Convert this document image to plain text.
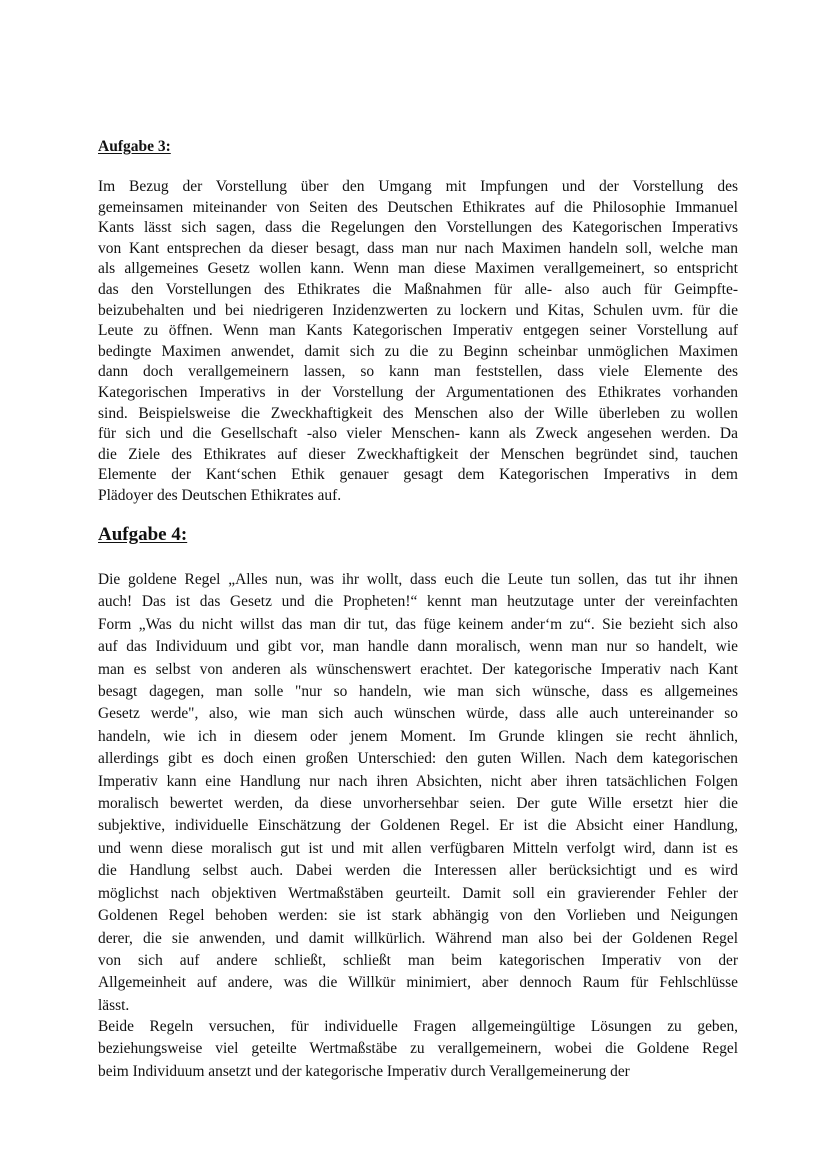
Aufgabe 3:
Im Bezug der Vorstellung über den Umgang mit Impfungen und der Vorstellung des
gemeinsamen miteinander von Seiten des Deutschen Ethikrates auf die Philosophie Immanuel
Kants lässt sich sagen, dass die Regelungen den Vorstellungen des Kategorischen Imperativs
von Kant entsprechen da dieser besagt, dass man nur nach Maximen handeln soll, welche man
als allgemeines Gesetz wollen kann. Wenn man diese Maximen verallgemeinert, so entspricht
das den Vorstellungen des Ethikrates die Maßnahmen für alle- also auch für Geimpfte-
beizubehalten und bei niedrigeren Inzidenzwerten zu lockern und Kitas, Schulen uvm. für die
Leute zu öffnen. Wenn man Kants Kategorischen Imperativ entgegen seiner Vorstellung auf
bedingte Maximen anwendet, damit sich zu die zu Beginn scheinbar unmöglichen Maximen
dann doch verallgemeinern lassen, so kann man feststellen, dass viele Elemente des
Kategorischen Imperativs in der Vorstellung der Argumentationen des Ethikrates vorhanden
sind. Beispielsweise die Zweckhaftigkeit des Menschen also der Wille überleben zu wollen
für sich und die Gesellschaft -also vieler Menschen- kann als Zweck angesehen werden. Da
die Ziele des Ethikrates auf dieser Zweckhaftigkeit der Menschen begründet sind, tauchen
Elemente der Kant‘schen Ethik genauer gesagt dem Kategorischen Imperativs in dem
Plädoyer des Deutschen Ethikrates auf.
Aufgabe 4:
Die goldene Regel „Alles nun, was ihr wollt, dass euch die Leute tun sollen, das tut ihr ihnen
auch! Das ist das Gesetz und die Propheten!“ kennt man heutzutage unter der vereinfachten
Form „Was du nicht willst das man dir tut, das füge keinem ander‘m zu“. Sie bezieht sich also
auf das Individuum und gibt vor, man handle dann moralisch, wenn man nur so handelt, wie
man es selbst von anderen als wünschenswert erachtet. Der kategorische Imperativ nach Kant
besagt dagegen, man solle "nur so handeln, wie man sich wünsche, dass es allgemeines
Gesetz werde", also, wie man sich auch wünschen würde, dass alle auch untereinander so
handeln, wie ich in diesem oder jenem Moment. Im Grunde klingen sie recht ähnlich,
allerdings gibt es doch einen großen Unterschied: den guten Willen. Nach dem kategorischen
Imperativ kann eine Handlung nur nach ihren Absichten, nicht aber ihren tatsächlichen Folgen
moralisch bewertet werden, da diese unvorhersehbar seien. Der gute Wille ersetzt hier die
subjektive, individuelle Einschätzung der Goldenen Regel. Er ist die Absicht einer Handlung,
und wenn diese moralisch gut ist und mit allen verfügbaren Mitteln verfolgt wird, dann ist es
die Handlung selbst auch. Dabei werden die Interessen aller berücksichtigt und es wird
möglichst nach objektiven Wertmaßstäben geurteilt. Damit soll ein gravierender Fehler der
Goldenen Regel behoben werden: sie ist stark abhängig von den Vorlieben und Neigungen
derer, die sie anwenden, und damit willkürlich. Während man also bei der Goldenen Regel
von sich auf andere schließt, schließt man beim kategorischen Imperativ von der
Allgemeinheit auf andere, was die Willkür minimiert, aber dennoch Raum für Fehlschlüsse
lässt.
Beide Regeln versuchen, für individuelle Fragen allgemeingültige Lösungen zu geben,
beziehungsweise viel geteilte Wertmaßstäbe zu verallgemeinern, wobei die Goldene Regel
beim Individuum ansetzt und der kategorische Imperativ durch Verallgemeinerung der
